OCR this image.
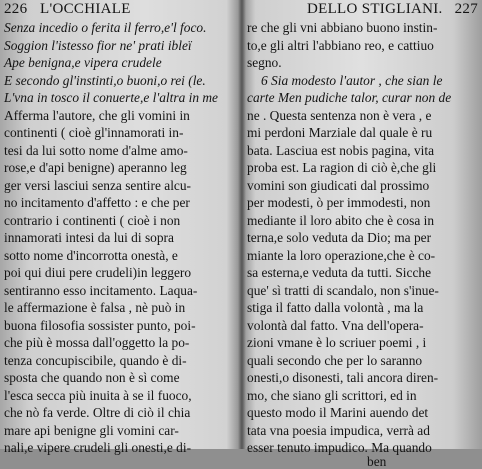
226 L'OCCHIALE
Senza incedio o ferita il ferro,e'l foco.
Soggion l'istesso fior ne' prati ibleï
Ape benigna,e vipera crudele
E secondo gl'instinti,o buoni,o rei (le.
L'vna in tosco il conuerte,e l'altra in me
Afferma l'autore, che gli vomini in
continenti ( cioè gl'innamorati in-
tesi da lui sotto nome d'alme amo-
rose,e d'api benigne) aperanno leg
ger versi lasciui senza sentire alcu-
no incitamento d'affetto : e che per
contrario i continenti ( cioè i non
innamorati intesi da lui di sopra
sotto nome d'incorrotta onestà, e
poi qui diui pere crudeli)in leggero
sentiranno esso incitamento. Laqua-
le affermazione è falsa , nè può in
buona filosofia sossister punto, poi-
che più è mossa dall'oggetto la po-
tenza concupiscibile, quando è di-
sposta che quando non è sì come
l'esca secca più inuita à se il fuoco,
che nò fa verde. Oltre di ciò il chia
mare api benigne gli vomini car-
nali,e vipere crudeli gli onesti,e di-
DELLO STIGLIANI. 227
re che gli vni abbiano buono instin-
to,e gli altri l'abbiano reo, e cattiuo
segno.
6 Sia modesto l'autor , che sian le
carte Men pudiche talor, curar non de
ne . Questa sentenza non è vera , e
mi perdoni Marziale dal quale è ru
bata. Lasciua est nobis pagina, vita
proba est. La ragion di ciò è,che gli
vomini son giudicati dal prossimo
per modesti, ò per immodesti, non
mediante il loro abito che è cosa in
terna,e solo veduta da Dio; ma per
miante la loro operazione,che è co-
sa esterna,e veduta da tutti. Sicche
que' sì tratti di scandalo, non s'inue-
stiga il fatto dalla volontà , ma la
volontà dal fatto. Vna dell'opera-
zioni vmane è lo scriuer poemi , i
quali secondo che per lo saranno
onesti,o disonesti, tali ancora diren-
mo, che siano gli scrittori, ed in
questo modo il Marini auendo det
tata vna poesia impudica, verrà ad
esser tenuto impudico. Ma quando
ben
